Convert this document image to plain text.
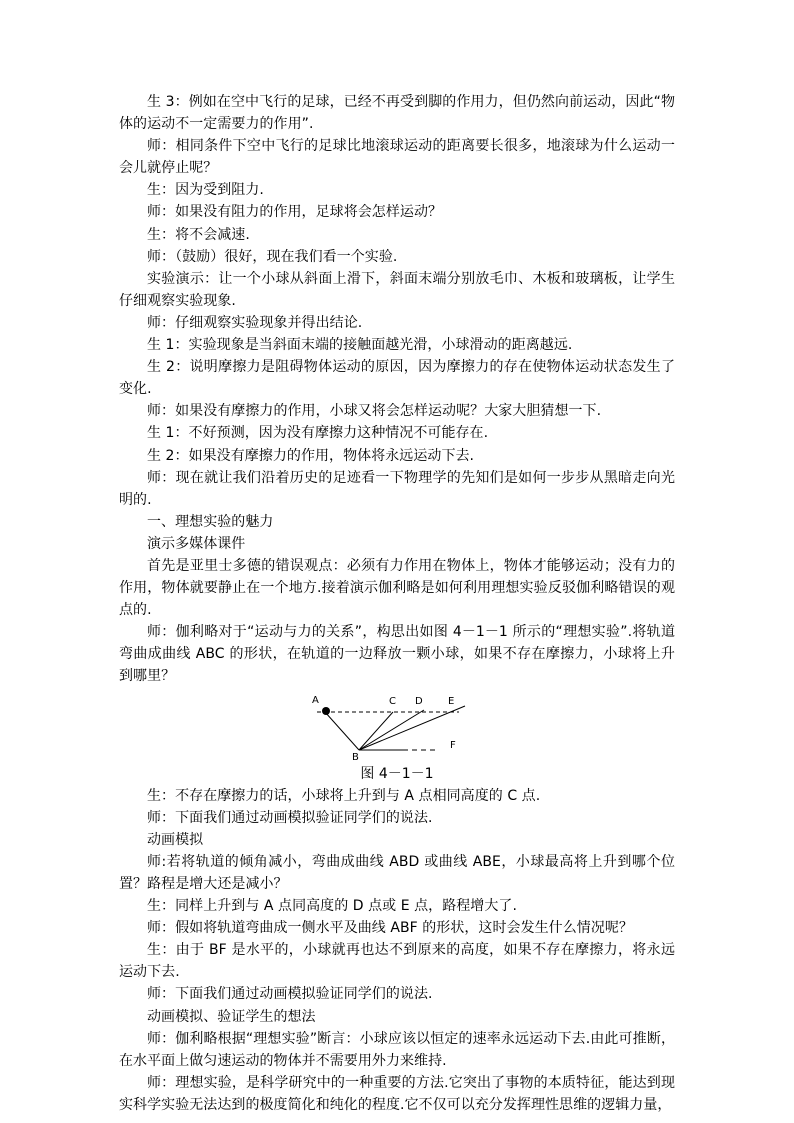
生 3：例如在空中飞行的足球，已经不再受到脚的作用力，但仍然向前运动，因此“物体的运动不一定需要力的作用”.

师：相同条件下空中飞行的足球比地滚球运动的距离要长很多，地滚球为什么运动一会儿就停止呢？

生：因为受到阻力.

师：如果没有阻力的作用，足球将会怎样运动？

生：将不会减速.

师：（鼓励）很好，现在我们看一个实验.

实验演示：让一个小球从斜面上滑下，斜面末端分别放毛巾、木板和玻璃板，让学生仔细观察实验现象.

师：仔细观察实验现象并得出结论.

生 1：实验现象是当斜面末端的接触面越光滑，小球滑动的距离越远.

生 2：说明摩擦力是阻碍物体运动的原因，因为摩擦力的存在使物体运动状态发生了变化.

师：如果没有摩擦力的作用，小球又将会怎样运动呢？大家大胆猜想一下.

生 1：不好预测，因为没有摩擦力这种情况不可能存在.

生 2：如果没有摩擦力的作用，物体将永远运动下去.

师：现在就让我们沿着历史的足迹看一下物理学的先知们是如何一步步从黑暗走向光明的.

一、理想实验的魅力

演示多媒体课件

首先是亚里士多德的错误观点：必须有力作用在物体上，物体才能够运动；没有力的作用，物体就要静止在一个地方.接着演示伽利略是如何利用理想实验反驳伽利略错误的观点的.

师：伽利略对于“运动与力的关系”，构思出如图 4－1－1 所示的“理想实验”.将轨道弯曲成曲线 ABC 的形状，在轨道的一边释放一颗小球，如果不存在摩擦力，小球将上升到哪里？

A
B
C D	E
F

图 4－1－1

生：不存在摩擦力的话，小球将上升到与 A 点相同高度的 C 点.

师：下面我们通过动画模拟验证同学们的说法.

动画模拟

师:若将轨道的倾角减小，弯曲成曲线 ABD 或曲线 ABE，小球最高将上升到哪个位置？路程是增大还是减小？

生：同样上升到与 A 点同高度的 D 点或 E 点，路程增大了.

师：假如将轨道弯曲成一侧水平及曲线 ABF 的形状，这时会发生什么情况呢？

生：由于 BF 是水平的，小球就再也达不到原来的高度，如果不存在摩擦力，将永远运动下去.

师：下面我们通过动画模拟验证同学们的说法.

动画模拟、验证学生的想法

师：伽利略根据“理想实验”断言：小球应该以恒定的速率永远运动下去.由此可推断，在水平面上做匀速运动的物体并不需要用外力来维持.

师：理想实验，是科学研究中的一种重要的方法.它突出了事物的本质特征，能达到现实科学实验无法达到的极度简化和纯化的程度.它不仅可以充分发挥理性思维的逻辑力量，
